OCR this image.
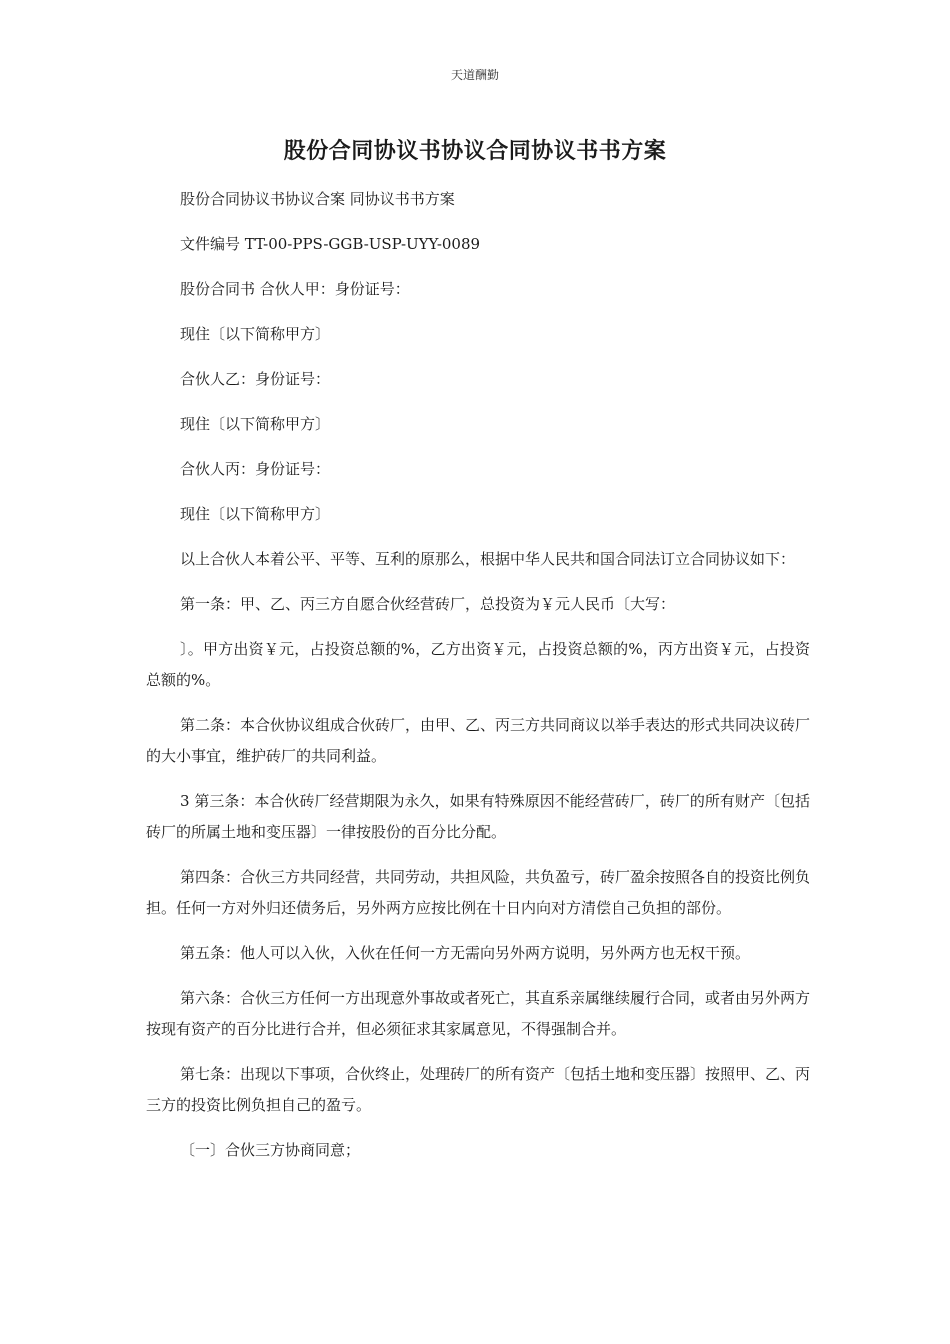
天道酬勤
股份合同协议书协议合同协议书书方案

股份合同协议书协议合案 同协议书书方案

文件编号 TT-00-PPS-GGB-USP-UYY-0089

股份合同书 合伙人甲：身份证号：

现住〔以下简称甲方〕

合伙人乙：身份证号：

现住〔以下简称甲方〕

合伙人丙：身份证号：

现住〔以下简称甲方〕

以上合伙人本着公平、平等、互利的原那么，根据中华人民共和国合同法订立合同协议如下：

第一条：甲、乙、丙三方自愿合伙经营砖厂，总投资为￥元人民币〔大写：

〕。甲方出资￥元，占投资总额的%，乙方出资￥元，占投资总额的%，丙方出资￥元，占投资总额的%。

第二条：本合伙协议组成合伙砖厂，由甲、乙、丙三方共同商议以举手表达的形式共同决议砖厂的大小事宜，维护砖厂的共同利益。

3 第三条：本合伙砖厂经营期限为永久，如果有特殊原因不能经营砖厂，砖厂的所有财产〔包括砖厂的所属土地和变压器〕一律按股份的百分比分配。

第四条：合伙三方共同经营，共同劳动，共担风险，共负盈亏，砖厂盈余按照各自的投资比例负担。任何一方对外归还债务后，另外两方应按比例在十日内向对方清偿自己负担的部份。

第五条：他人可以入伙，入伙在任何一方无需向另外两方说明，另外两方也无权干预。

第六条：合伙三方任何一方出现意外事故或者死亡，其直系亲属继续履行合同，或者由另外两方按现有资产的百分比进行合并，但必须征求其家属意见，不得强制合并。

第七条：出现以下事项，合伙终止，处理砖厂的所有资产〔包括土地和变压器〕按照甲、乙、丙三方的投资比例负担自己的盈亏。

〔一〕合伙三方协商同意；
